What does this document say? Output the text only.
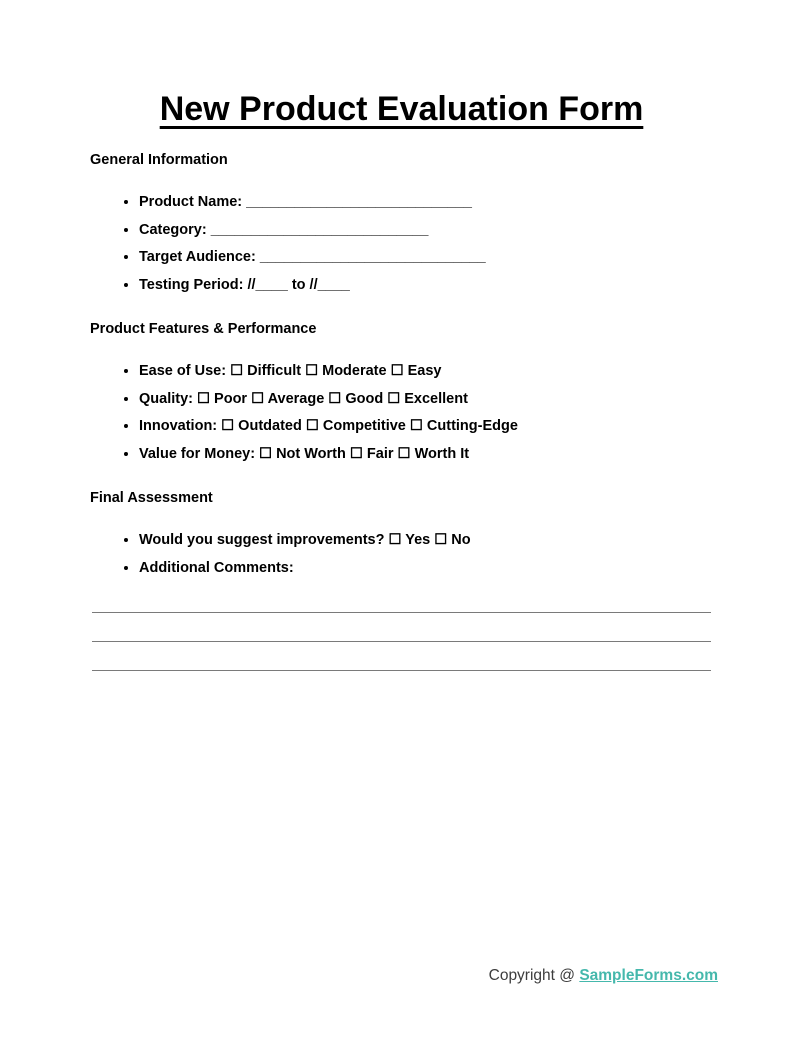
New Product Evaluation Form
General Information
• Product Name: ____________________________
• Category: ___________________________
• Target Audience: ____________________________
• Testing Period: //____ to //____
Product Features & Performance
• Ease of Use: ☐ Difficult ☐ Moderate ☐ Easy
• Quality: ☐ Poor ☐ Average ☐ Good ☐ Excellent
• Innovation: ☐ Outdated ☐ Competitive ☐ Cutting-Edge
• Value for Money: ☐ Not Worth ☐ Fair ☐ Worth It
Final Assessment
• Would you suggest improvements? ☐ Yes ☐ No
• Additional Comments:
Copyright @ SampleForms.com
